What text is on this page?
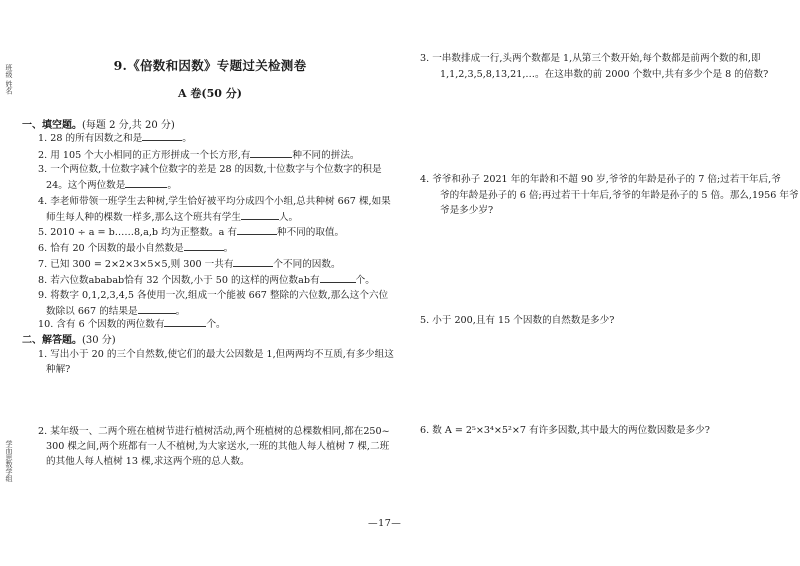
班级 姓名
学而思数学组
9.《倍数和因数》专题过关检测卷
A 卷(50 分)
一、填空题。(每题 2 分,共 20 分)
1. 28 的所有因数之和是	。
2. 用 105 个大小相同的正方形拼成一个长方形,有	种不同的拼法。
3. 一个两位数,十位数字减个位数字的差是 28 的因数,十位数字与个位数字的积是
24。这个两位数是	。
4. 李老师带领一班学生去种树,学生恰好被平均分成四个小组,总共种树 667 棵,如果
师生每人种的棵数一样多,那么这个班共有学生	人。
5. 2010 ÷ a = b……8,a,b 均为正整数。a 有	种不同的取值。
6. 恰有 20 个因数的最小自然数是	。
7. 已知 300 = 2×2×3×5×5,则 300 一共有	个不同的因数。
8. 若六位数ababab恰有 32 个因数,小于 50 的这样的两位数ab有	个。
9. 将数字 0,1,2,3,4,5 各使用一次,组成一个能被 667 整除的六位数,那么这个六位
数除以 667 的结果是	。
10. 含有 6 个因数的两位数有	个。
二、解答题。(30 分)
1. 写出小于 20 的三个自然数,使它们的最大公因数是 1,但两两均不互质,有多少组这
种解?
2. 某年级一、二两个班在植树节进行植树活动,两个班植树的总棵数相同,都在250~
300 棵之间,两个班都有一人不植树,为大家送水,一班的其他人每人植树 7 棵,二班
的其他人每人植树 13 棵,求这两个班的总人数。
3. 一串数排成一行,头两个数都是 1,从第三个数开始,每个数都是前两个数的和,即
1,1,2,3,5,8,13,21,…。在这串数的前 2000 个数中,共有多少个是 8 的倍数?
4. 爷爷和孙子 2021 年的年龄和不超 90 岁,爷爷的年龄是孙子的 7 倍;过若干年后,爷
爷的年龄是孙子的 6 倍;再过若干十年后,爷爷的年龄是孙子的 5 倍。那么,1956 年爷
爷是多少岁?
5. 小于 200,且有 15 个因数的自然数是多少?
6. 数 A = 2⁵×3⁴×5²×7 有许多因数,其中最大的两位数因数是多少?
—17—
